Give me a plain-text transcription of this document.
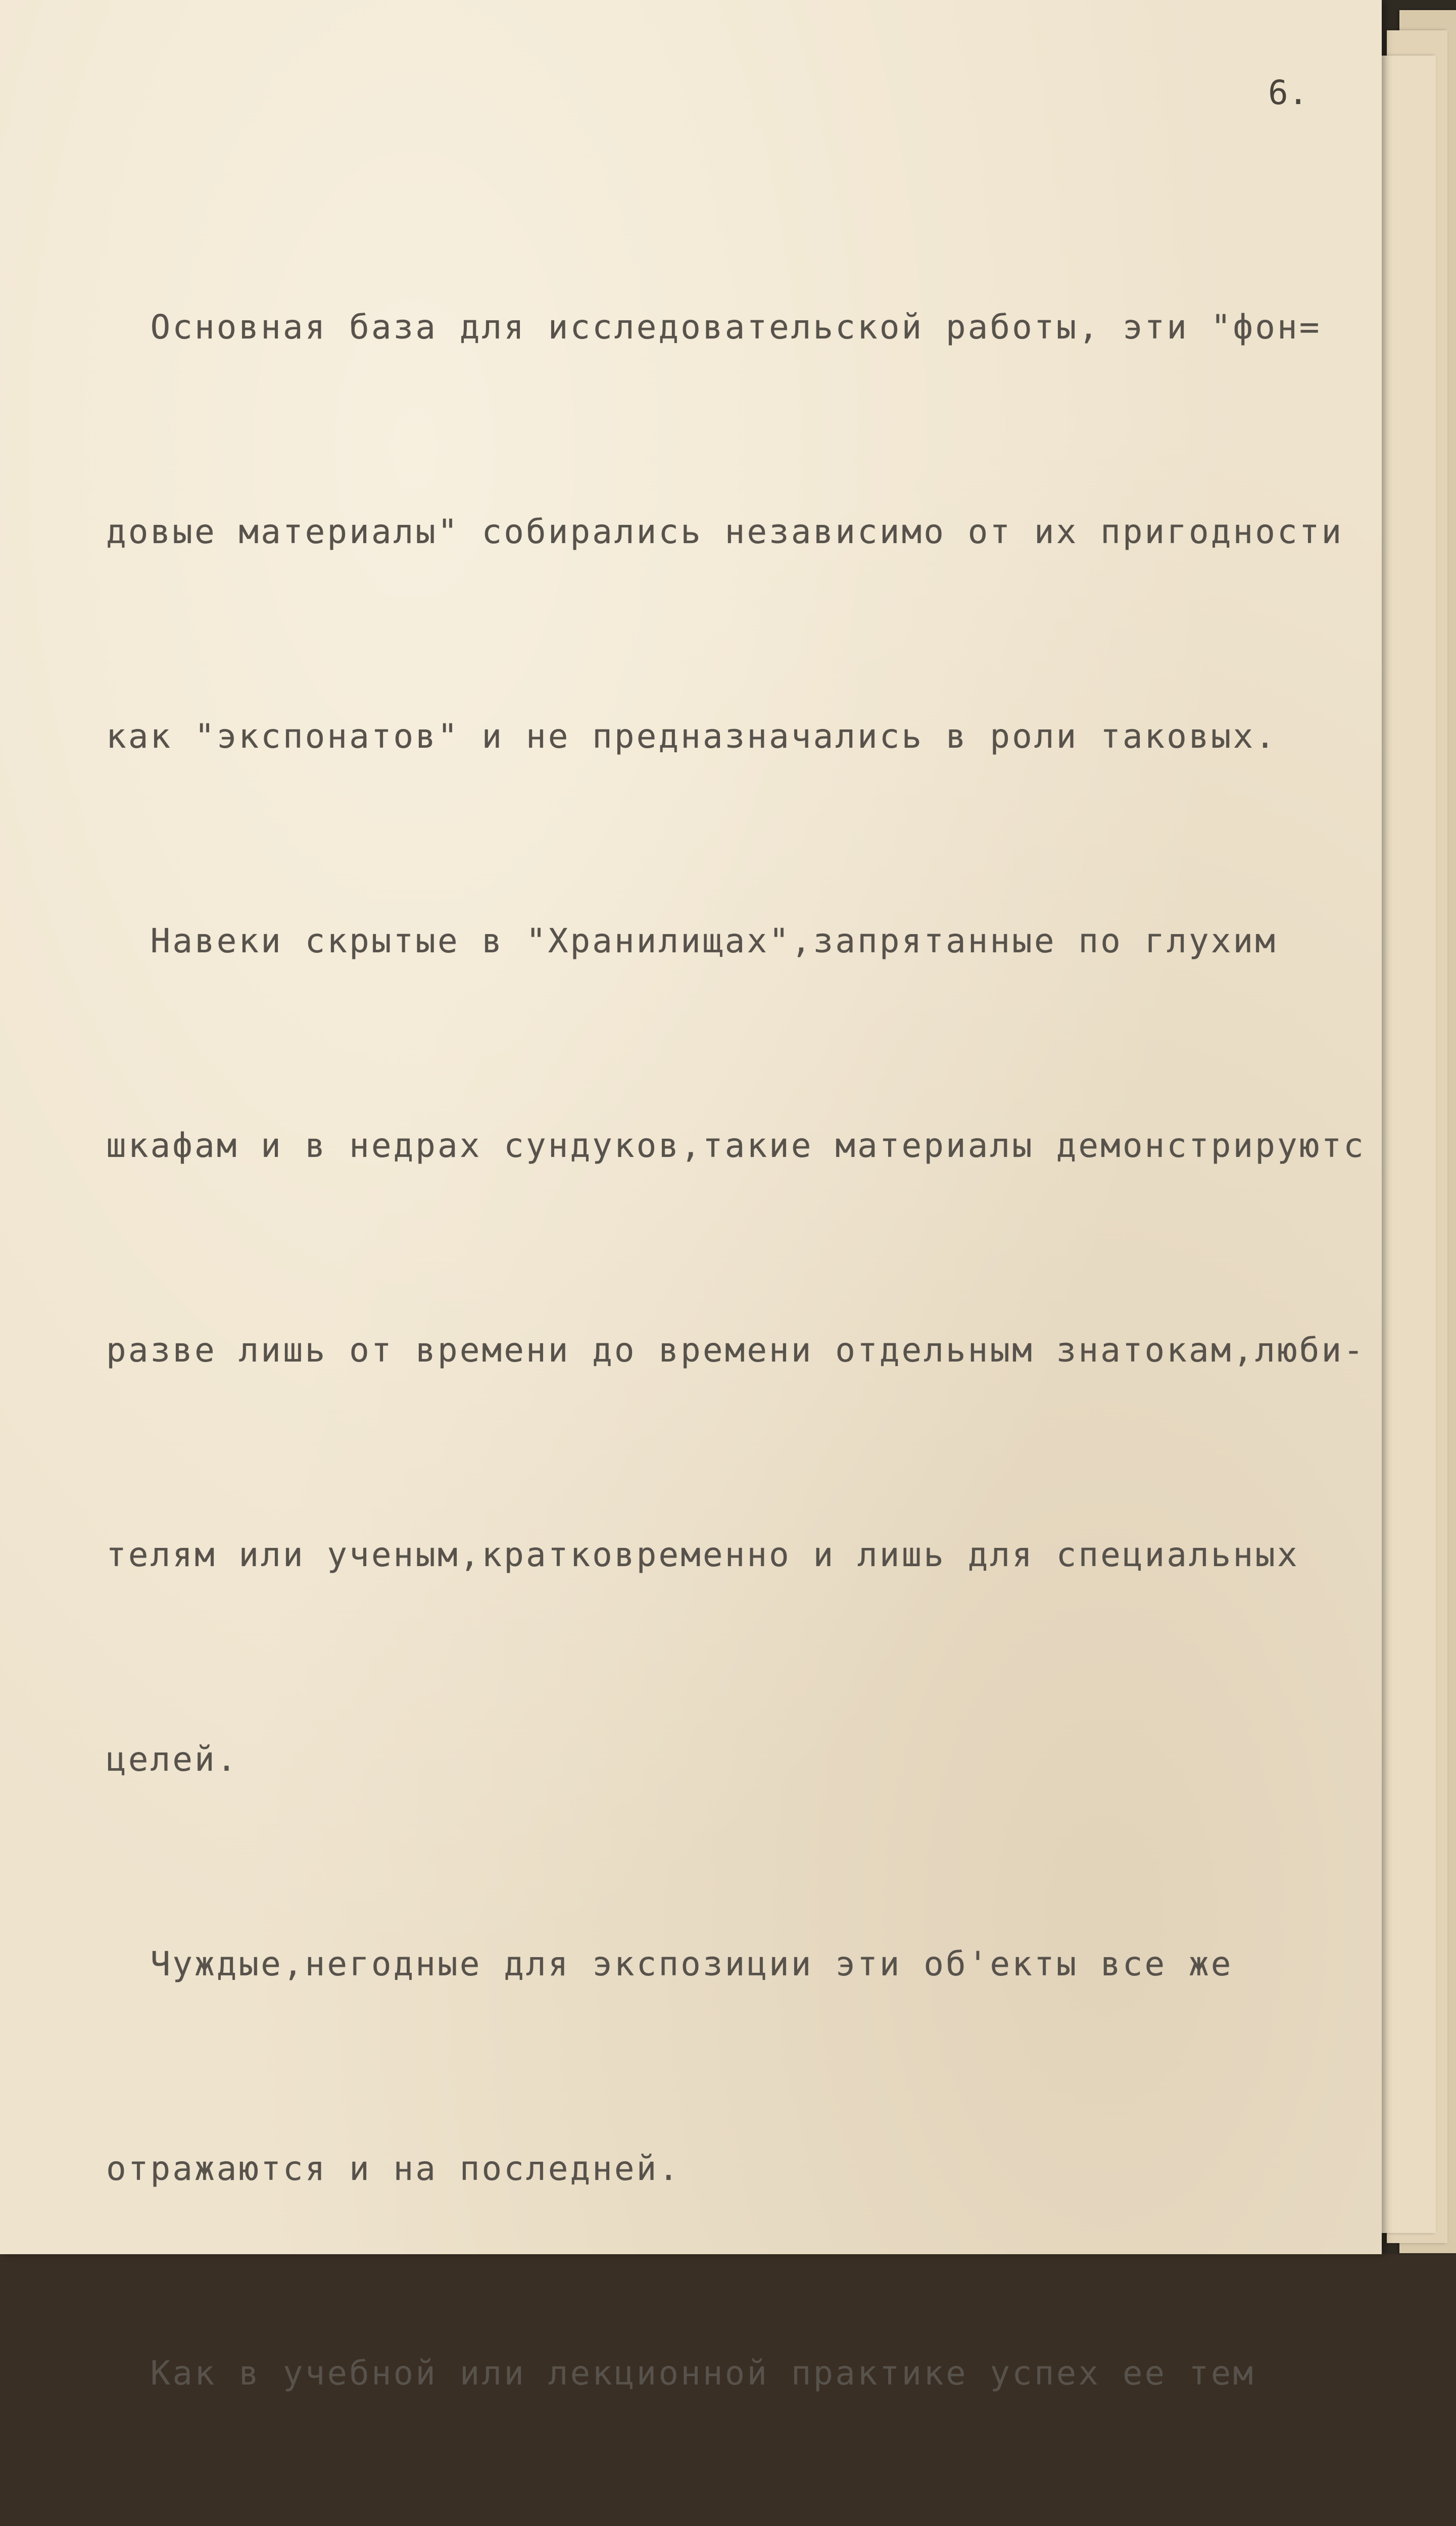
6.

Основная база для исследовательской работы, эти "фон=

довые материалы" собирались независимо от их пригодности

как "экспонатов" и не предназначались в роли таковых.

Навеки скрытые в "Хранилищах",запрятанные по глухим

шкафам и в недрах сундуков,такие материалы демонстрируютс

разве лишь от времени до времени отдельным знатокам,люби-

телям или ученым,кратковременно и лишь для специальных

целей.

Чуждые,негодные для экспозиции эти об'екты все же

отражаются и на последней.

Как в учебной или лекционной практике успех ее тем
